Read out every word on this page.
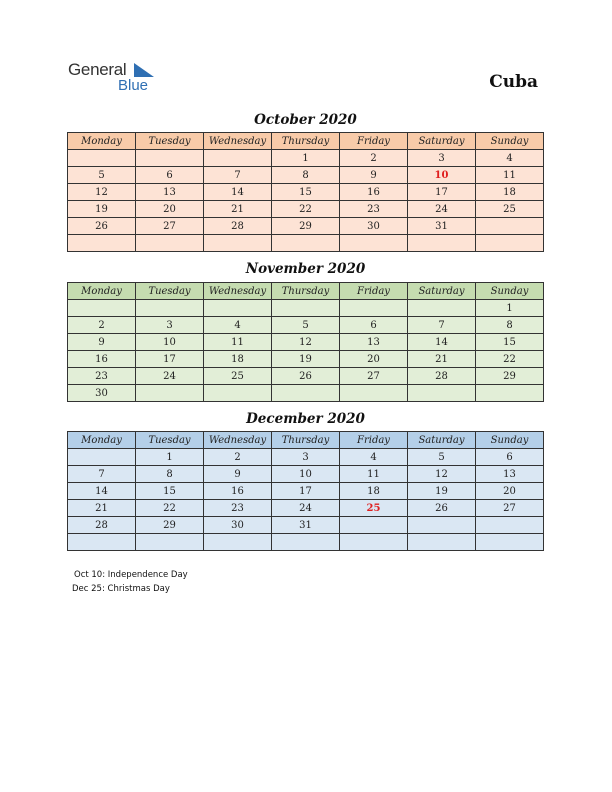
General
Blue	Cuba
October 2020
Monday	Tuesday	Wednesday	Thursday	Friday	Saturday	Sunday
			1	2	3	4
5	6	7	8	9	10	11
12	13	14	15	16	17	18
19	20	21	22	23	24	25
26	27	28	29	30	31	

November 2020
Monday	Tuesday	Wednesday	Thursday	Friday	Saturday	Sunday
						1
2	3	4	5	6	7	8
9	10	11	12	13	14	15
16	17	18	19	20	21	22
23	24	25	26	27	28	29
30						
December 2020
Monday	Tuesday	Wednesday	Thursday	Friday	Saturday	Sunday
	1	2	3	4	5	6
7	8	9	10	11	12	13
14	15	16	17	18	19	20
21	22	23	24	25	26	27
28	29	30	31			

Oct 10: Independence Day
Dec 25: Christmas Day
